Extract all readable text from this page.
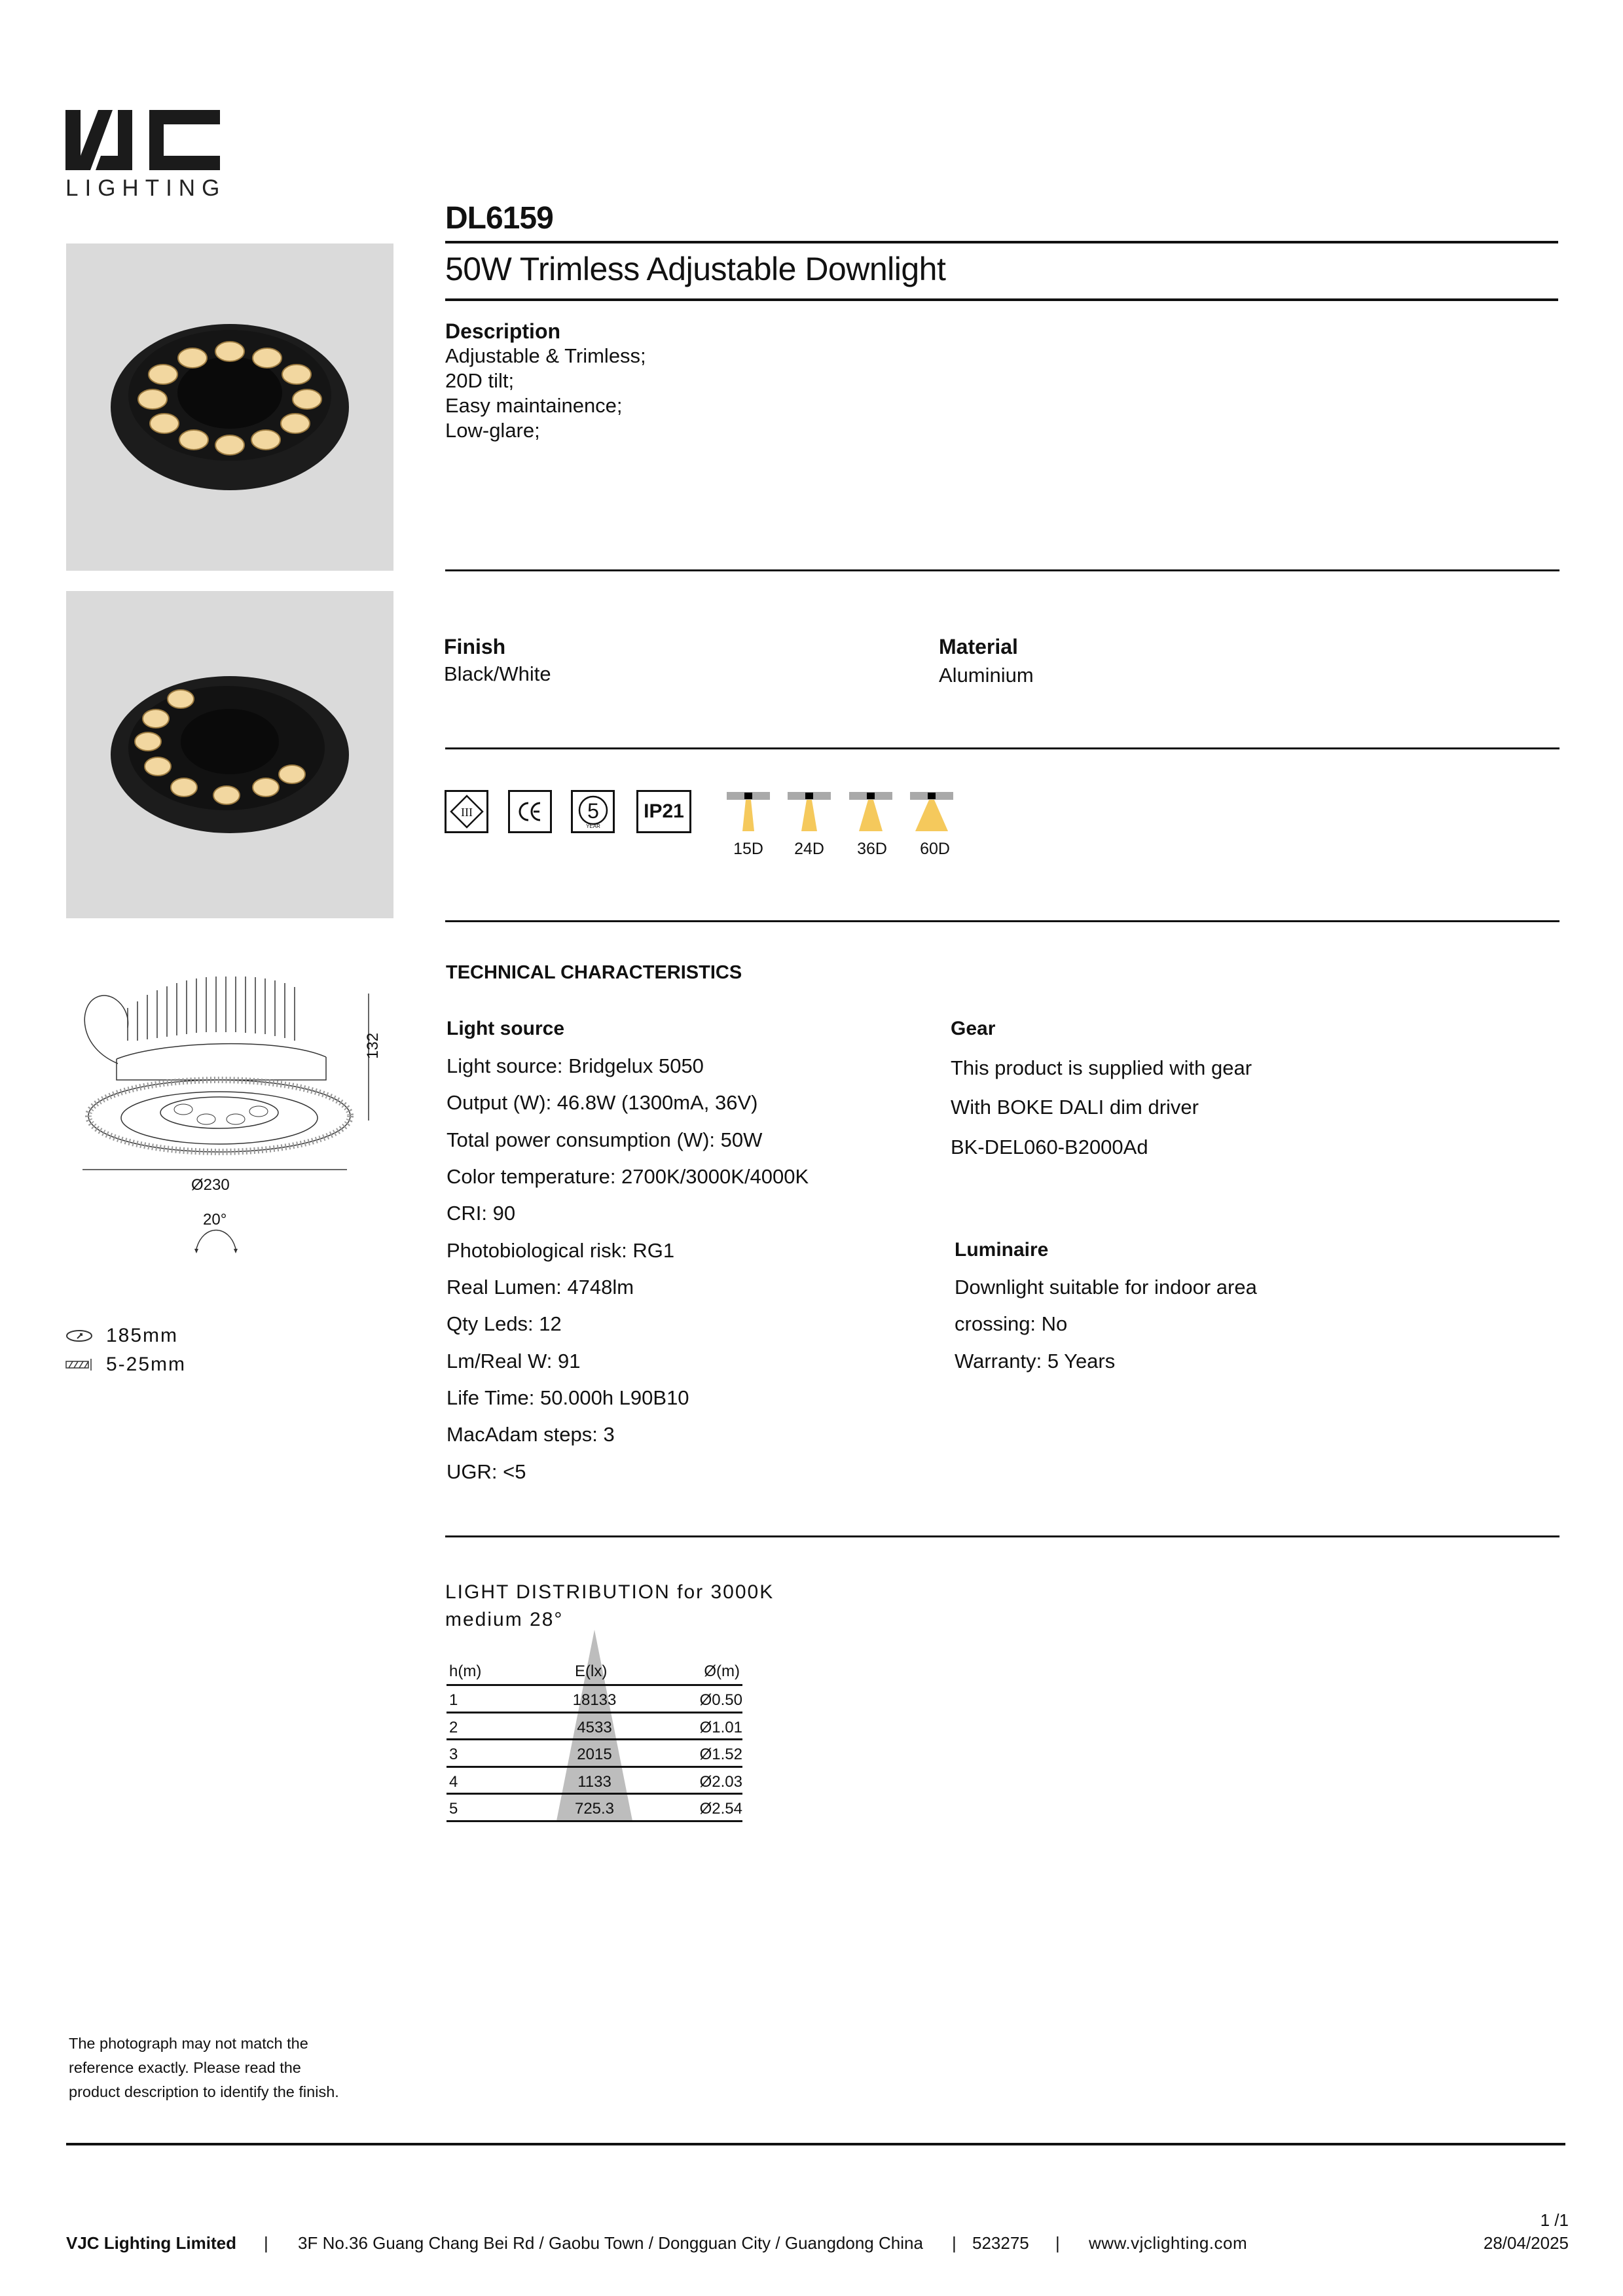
LIGHTING
DL6159
50W Trimless Adjustable Downlight
Description
Adjustable & Trimless;
20D tilt;
Easy maintainence;
Low-glare;
Finish
Black/White
Material
Aluminium
III	5
YEAR
IP21
15D	24D	36D	60D
TECHNICAL CHARACTERISTICS
Light source
Light source: Bridgelux 5050
Output (W): 46.8W (1300mA, 36V)
Total power consumption (W): 50W
Color temperature: 2700K/3000K/4000K
CRI: 90
Photobiological risk: RG1
Real Lumen: 4748lm
Qty Leds: 12
Lm/Real W: 91
Life Time: 50.000h L90B10
MacAdam steps: 3
UGR: <5
Gear
This product is supplied with gear
With BOKE DALI dim driver
BK-DEL060-B2000Ad
Luminaire
Downlight suitable for indoor area
crossing: No
Warranty: 5 Years
LIGHT DISTRIBUTION for 3000K
medium 28°
h(m)	E(lx)	Ø(m)
1	18133	Ø0.50
2	4533	Ø1.01
3	2015	Ø1.52
4	1133	Ø2.03
5	725.3	Ø2.54
132
Ø230
20°
185mm
5-25mm
The photograph may not match the
reference exactly. Please read the
product description to identify the finish.
VJC Lighting Limited | 3F No.36 Guang Chang Bei Rd / Gaobu Town / Dongguan City / Guangdong China | 523275 | www.vjclighting.com
1 /1
28/04/2025
